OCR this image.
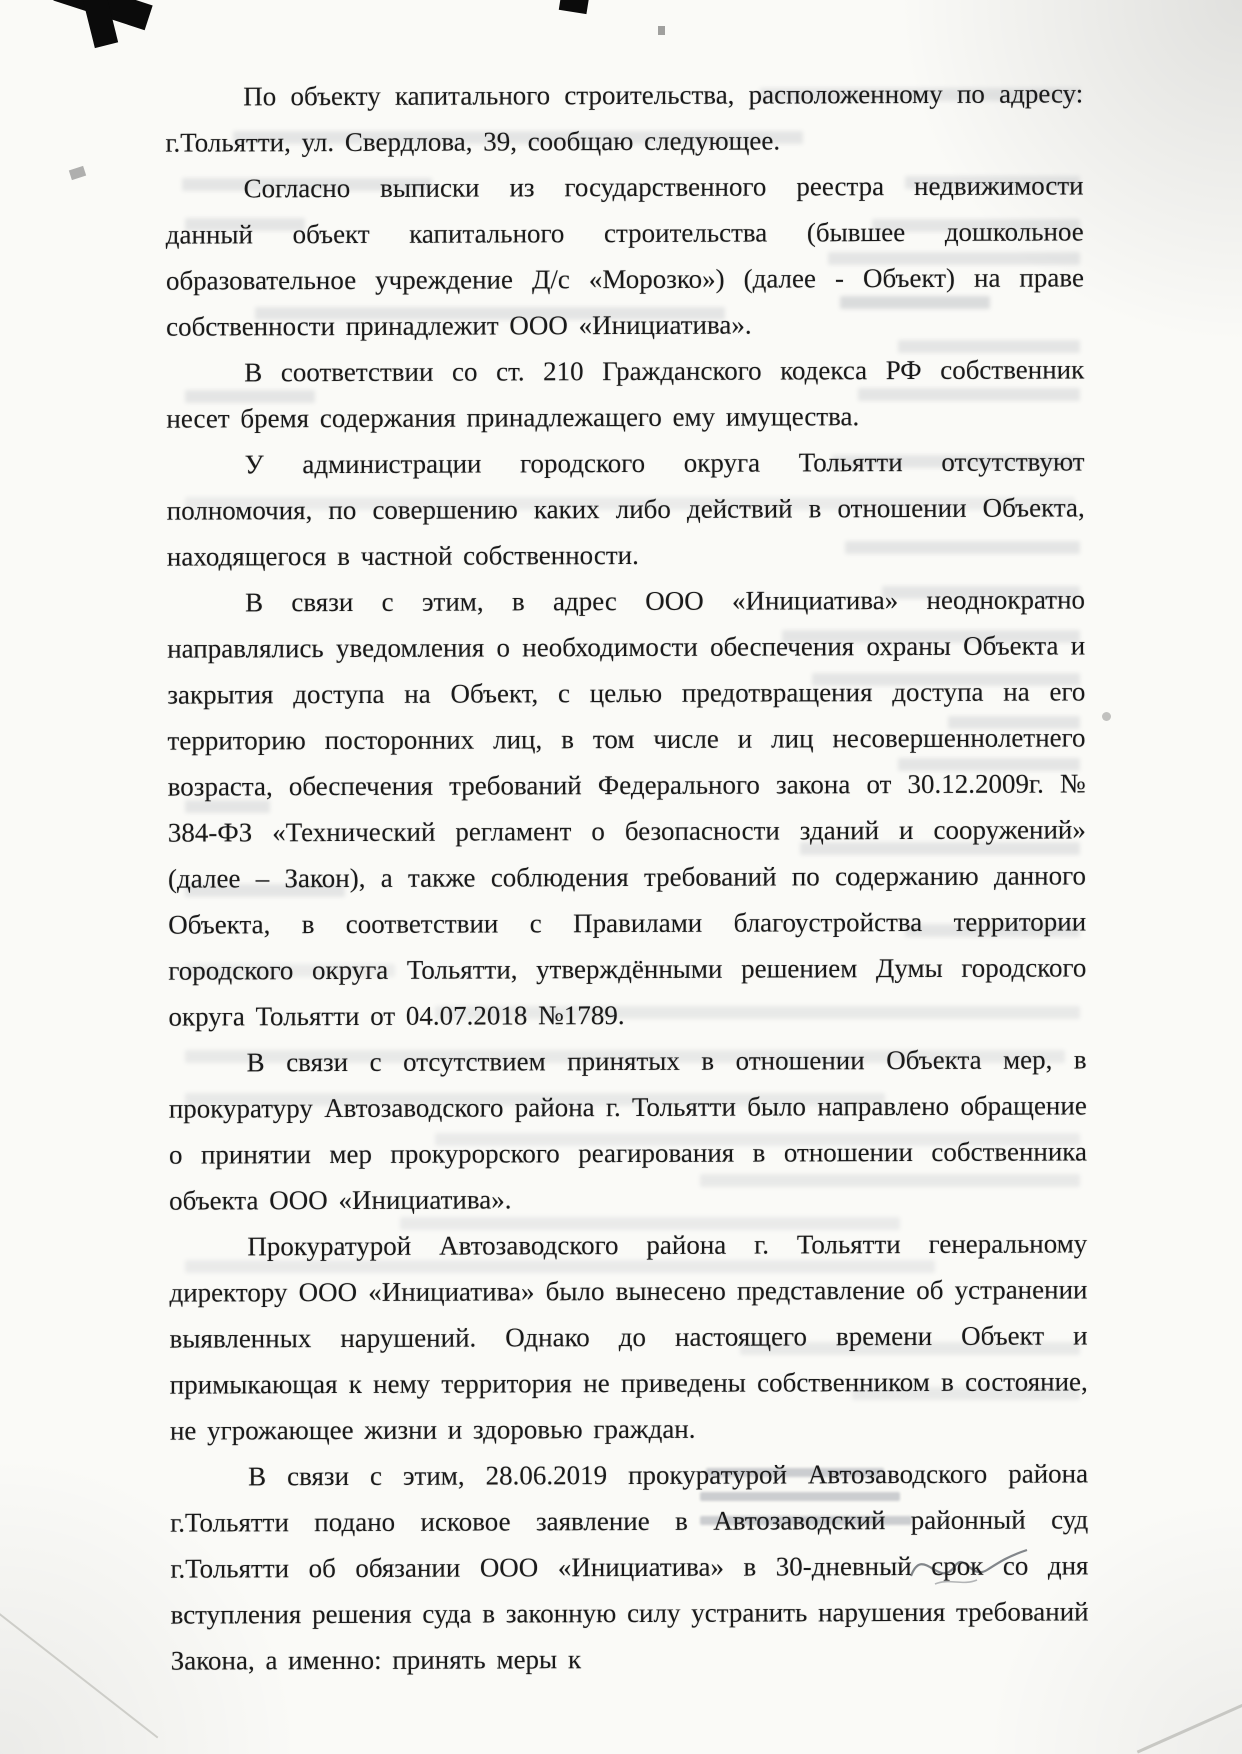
По объекту капитального строительства, расположенному по адресу: г.Тольятти, ул. Свердлова, 39, сообщаю следующее.

Согласно выписки из государственного реестра недвижимости данный объект капитального строительства (бывшее дошкольное образовательное учреждение Д/с «Морозко») (далее - Объект) на праве собственности принадлежит ООО «Инициатива».

В соответствии со ст. 210 Гражданского кодекса РФ собственник несет бремя содержания принадлежащего ему имущества.

У администрации городского округа Тольятти отсутствуют полномочия, по совершению каких либо действий в отношении Объекта, находящегося в частной собственности.

В связи с этим, в адрес ООО «Инициатива» неоднократно направлялись уведомления о необходимости обеспечения охраны Объекта и закрытия доступа на Объект, с целью предотвращения доступа на его территорию посторонних лиц, в том числе и лиц несовершеннолетнего возраста, обеспечения требований Федерального закона от 30.12.2009г. № 384-ФЗ «Технический регламент о безопасности зданий и сооружений» (далее – Закон), а также соблюдения требований по содержанию данного Объекта, в соответствии с Правилами благоустройства территории городского округа Тольятти, утверждёнными решением Думы городского округа Тольятти от 04.07.2018 №1789.

В связи с отсутствием принятых в отношении Объекта мер, в прокуратуру Автозаводского района г. Тольятти было направлено обращение о принятии мер прокурорского реагирования в отношении собственника объекта ООО «Инициатива».

Прокуратурой Автозаводского района г. Тольятти генеральному директору ООО «Инициатива» было вынесено представление об устранении выявленных нарушений. Однако до настоящего времени Объект и примыкающая к нему территория не приведены собственником в состояние, не угрожающее жизни и здоровью граждан.

В связи с этим, 28.06.2019 прокуратурой Автозаводского района г.Тольятти подано исковое заявление в Автозаводский районный суд г.Тольятти об обязании ООО «Инициатива» в 30-дневный срок со дня вступления решения суда в законную силу устранить нарушения требований Закона, а именно: принять меры к
